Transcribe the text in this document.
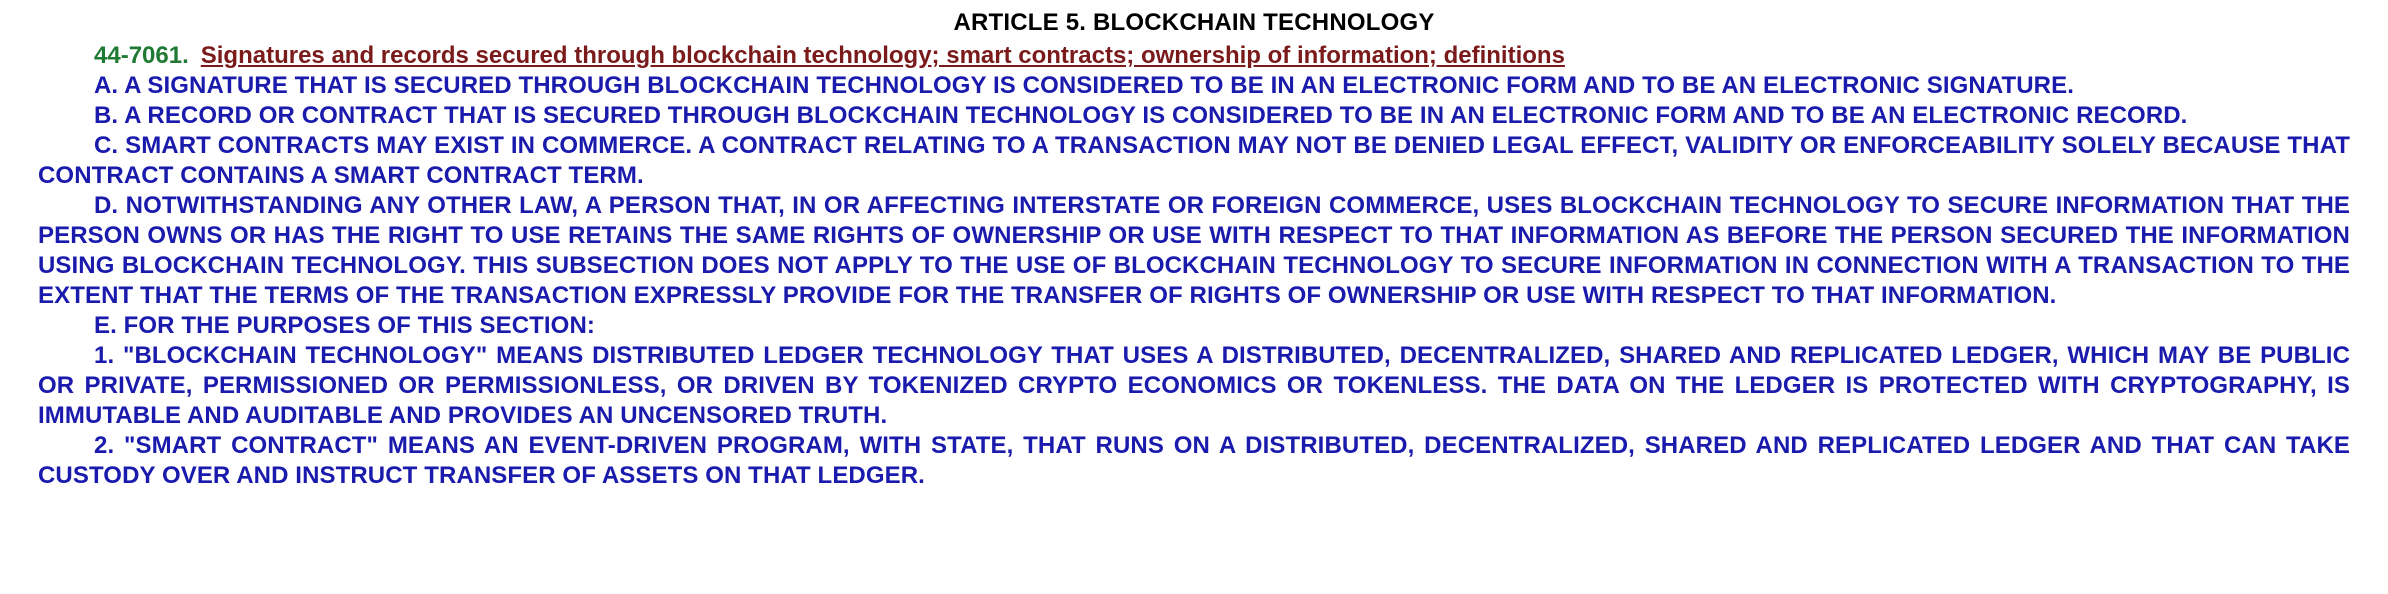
ARTICLE 5. BLOCKCHAIN TECHNOLOGY

44-7061. Signatures and records secured through blockchain technology; smart contracts; ownership of information; definitions

A. A SIGNATURE THAT IS SECURED THROUGH BLOCKCHAIN TECHNOLOGY IS CONSIDERED TO BE IN AN ELECTRONIC FORM AND TO BE AN ELECTRONIC SIGNATURE.

B. A RECORD OR CONTRACT THAT IS SECURED THROUGH BLOCKCHAIN TECHNOLOGY IS CONSIDERED TO BE IN AN ELECTRONIC FORM AND TO BE AN ELECTRONIC RECORD.

C. SMART CONTRACTS MAY EXIST IN COMMERCE. A CONTRACT RELATING TO A TRANSACTION MAY NOT BE DENIED LEGAL EFFECT, VALIDITY OR ENFORCEABILITY SOLELY BECAUSE THAT CONTRACT CONTAINS A SMART CONTRACT TERM.

D. NOTWITHSTANDING ANY OTHER LAW, A PERSON THAT, IN OR AFFECTING INTERSTATE OR FOREIGN COMMERCE, USES BLOCKCHAIN TECHNOLOGY TO SECURE INFORMATION THAT THE PERSON OWNS OR HAS THE RIGHT TO USE RETAINS THE SAME RIGHTS OF OWNERSHIP OR USE WITH RESPECT TO THAT INFORMATION AS BEFORE THE PERSON SECURED THE INFORMATION USING BLOCKCHAIN TECHNOLOGY. THIS SUBSECTION DOES NOT APPLY TO THE USE OF BLOCKCHAIN TECHNOLOGY TO SECURE INFORMATION IN CONNECTION WITH A TRANSACTION TO THE EXTENT THAT THE TERMS OF THE TRANSACTION EXPRESSLY PROVIDE FOR THE TRANSFER OF RIGHTS OF OWNERSHIP OR USE WITH RESPECT TO THAT INFORMATION.

E. FOR THE PURPOSES OF THIS SECTION:

1. "BLOCKCHAIN TECHNOLOGY" MEANS DISTRIBUTED LEDGER TECHNOLOGY THAT USES A DISTRIBUTED, DECENTRALIZED, SHARED AND REPLICATED LEDGER, WHICH MAY BE PUBLIC OR PRIVATE, PERMISSIONED OR PERMISSIONLESS, OR DRIVEN BY TOKENIZED CRYPTO ECONOMICS OR TOKENLESS. THE DATA ON THE LEDGER IS PROTECTED WITH CRYPTOGRAPHY, IS IMMUTABLE AND AUDITABLE AND PROVIDES AN UNCENSORED TRUTH.

2. "SMART CONTRACT" MEANS AN EVENT-DRIVEN PROGRAM, WITH STATE, THAT RUNS ON A DISTRIBUTED, DECENTRALIZED, SHARED AND REPLICATED LEDGER AND THAT CAN TAKE CUSTODY OVER AND INSTRUCT TRANSFER OF ASSETS ON THAT LEDGER.
